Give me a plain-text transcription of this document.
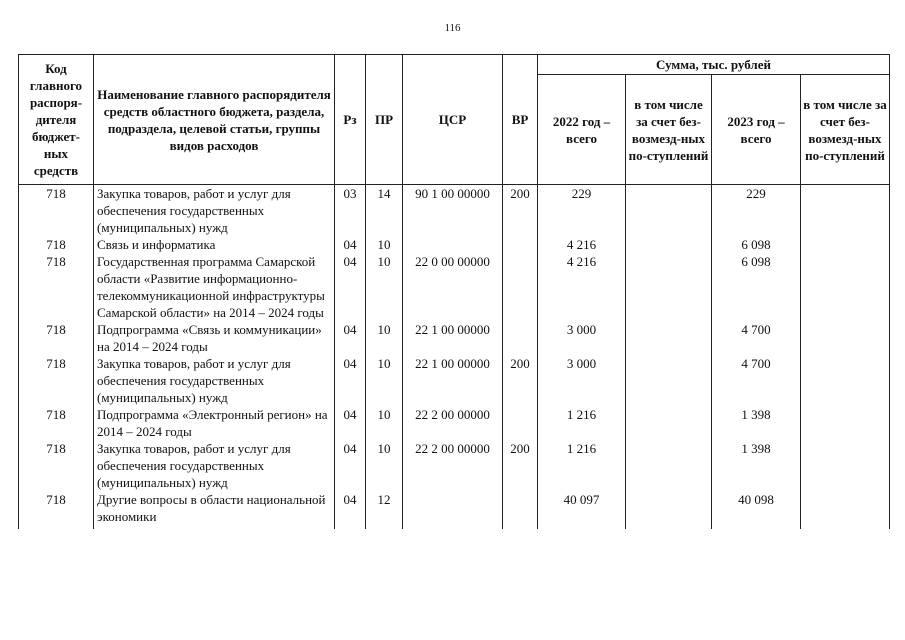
116
Код главного распоря-дителя бюджет-ных средств	Наименование главного распорядителя средств областного бюджета, раздела, подраздела, целевой статьи, группы видов расходов	Рз	ПР	ЦСР	ВР	Сумма, тыс. рублей			
						2022 год – всего	в том числе за счет без-возмезд-ных по-ступлений	2023 год – всего	в том числе за счет без-возмезд-ных по-ступлений
718	Закупка товаров, работ и услуг для обеспечения государственных (муниципальных) нужд	03	14	90 1 00 00000	200	229		229	
718	Связь и информатика	04	10			4 216		6 098	
718	Государственная программа Самарской области «Развитие информационно-телекоммуникационной инфраструктуры Самарской области» на 2014 – 2024 годы	04	10	22 0 00 00000		4 216		6 098	
718	Подпрограмма «Связь и коммуникации» на 2014 – 2024 годы	04	10	22 1 00 00000		3 000		4 700	
718	Закупка товаров, работ и услуг для обеспечения государственных (муниципальных) нужд	04	10	22 1 00 00000	200	3 000		4 700	
718	Подпрограмма «Электронный регион» на 2014 – 2024 годы	04	10	22 2 00 00000		1 216		1 398	
718	Закупка товаров, работ и услуг для обеспечения государственных (муниципальных) нужд	04	10	22 2 00 00000	200	1 216		1 398	
718	Другие вопросы в области национальной экономики	04	12			40 097		40 098	
